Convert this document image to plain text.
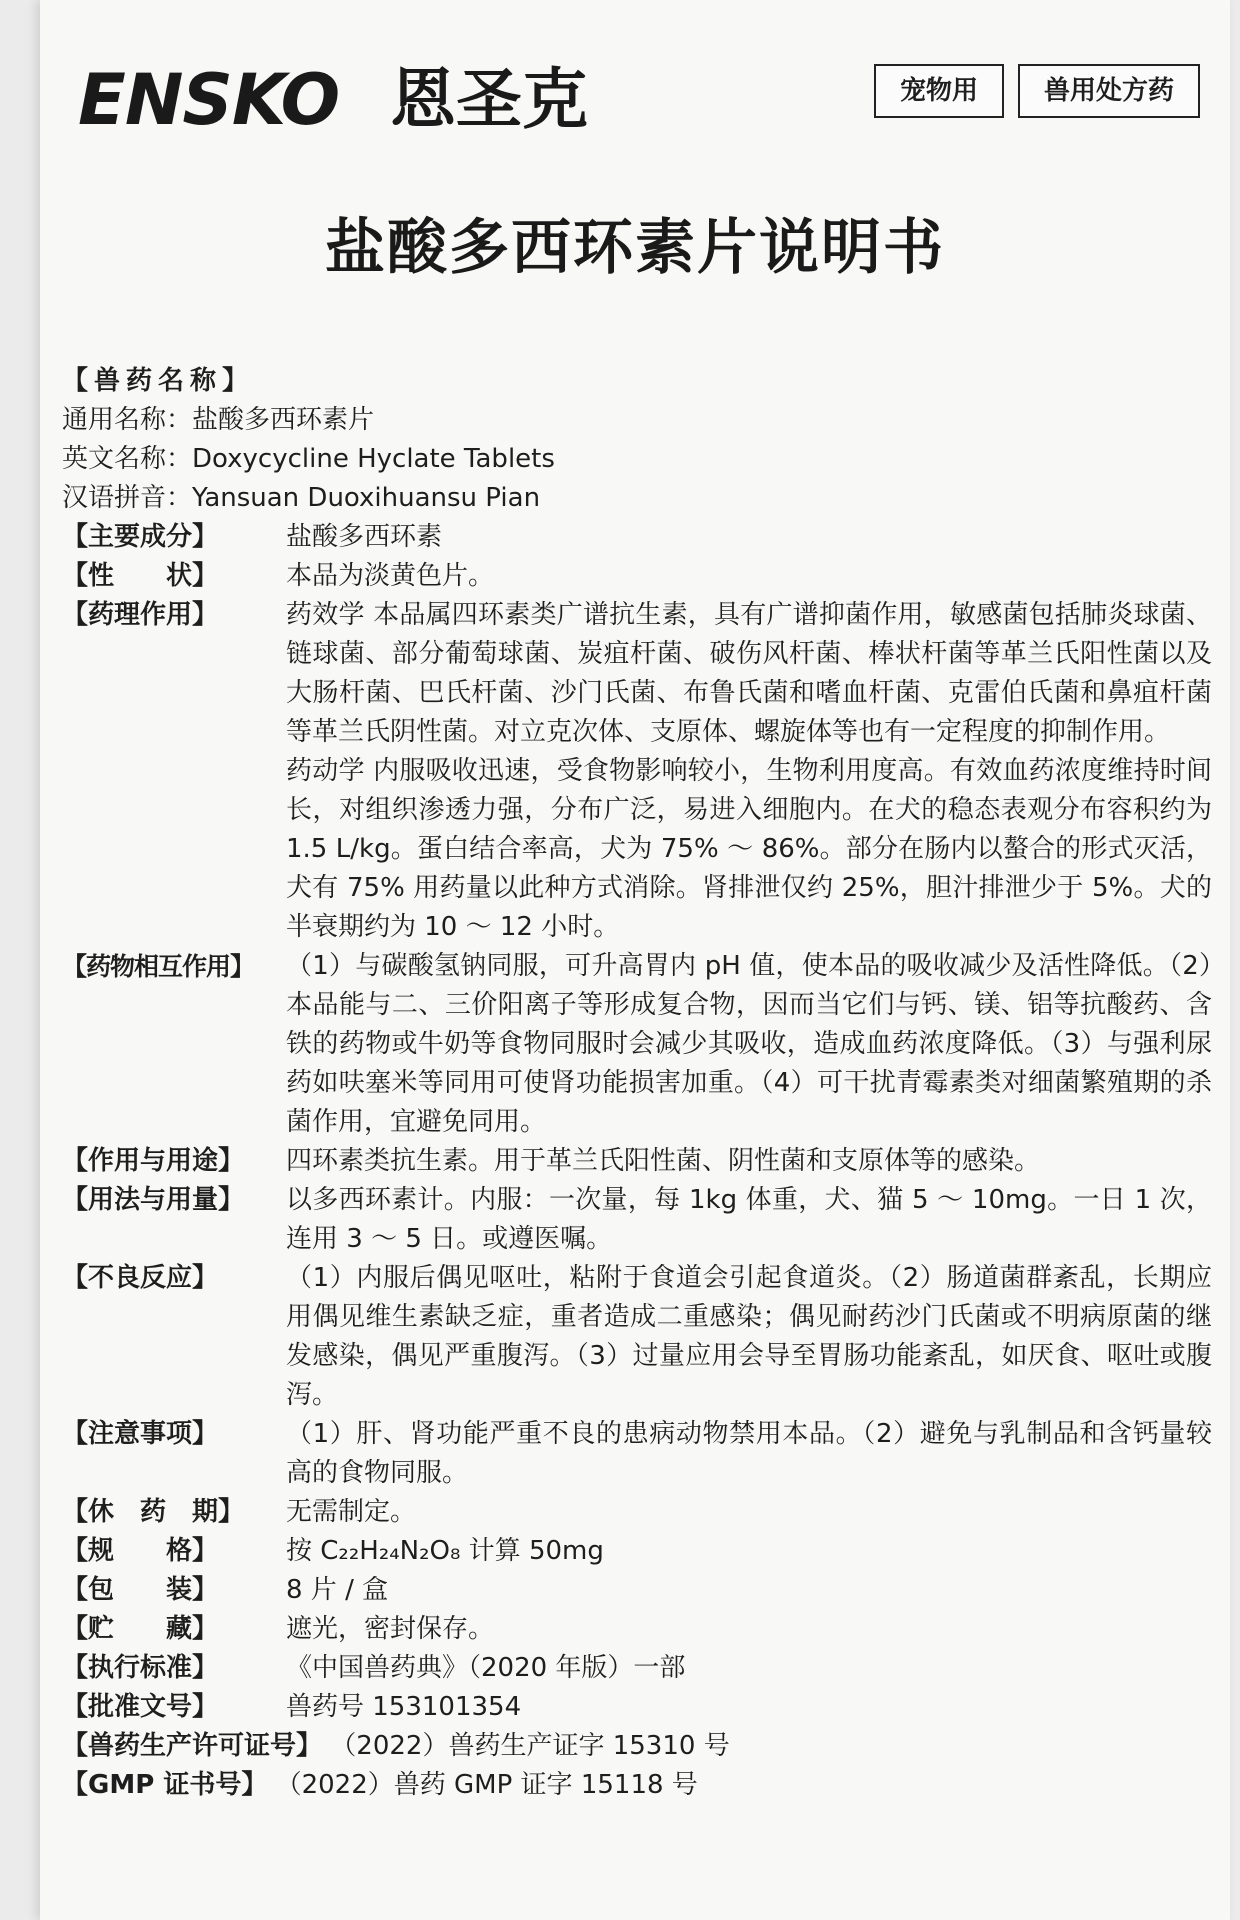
ENSKO 恩圣克	宠物用	兽用处方药
盐酸多西环素片说明书
【兽药名称】
通用名称：盐酸多西环素片
英文名称：Doxycycline Hyclate Tablets
汉语拼音：Yansuan Duoxihuansu Pian
【主要成分】	盐酸多西环素
【性　　状】	本品为淡黄色片。
【药理作用】	药效学 本品属四环素类广谱抗生素，具有广谱抑菌作用，敏感菌包括肺炎球菌、链球菌、部分葡萄球菌、炭疽杆菌、破伤风杆菌、棒状杆菌等革兰氏阳性菌以及大肠杆菌、巴氏杆菌、沙门氏菌、布鲁氏菌和嗜血杆菌、克雷伯氏菌和鼻疽杆菌等革兰氏阴性菌。对立克次体、支原体、螺旋体等也有一定程度的抑制作用。

药动学 内服吸收迅速，受食物影响较小，生物利用度高。有效血药浓度维持时间长，对组织渗透力强，分布广泛，易进入细胞内。在犬的稳态表观分布容积约为 1.5 L/kg。蛋白结合率高，犬为 75% ～ 86%。部分在肠内以螯合的形式灭活，犬有 75% 用药量以此种方式消除。肾排泄仅约 25%，胆汁排泄少于 5%。犬的半衰期约为 10 ～ 12 小时。

【药物相互作用】	（1）与碳酸氢钠同服，可升高胃内 pH 值，使本品的吸收减少及活性降低。（2）本品能与二、三价阳离子等形成复合物，因而当它们与钙、镁、铝等抗酸药、含铁的药物或牛奶等食物同服时会减少其吸收，造成血药浓度降低。（3）与强利尿药如呋塞米等同用可使肾功能损害加重。（4）可干扰青霉素类对细菌繁殖期的杀菌作用，宜避免同用。
【作用与用途】	四环素类抗生素。用于革兰氏阳性菌、阴性菌和支原体等的感染。
【用法与用量】	以多西环素计。内服：一次量，每 1kg 体重，犬、猫 5 ～ 10mg。一日 1 次，连用 3 ～ 5 日。或遵医嘱。
【不良反应】	（1）内服后偶见呕吐，粘附于食道会引起食道炎。（2）肠道菌群紊乱，长期应用偶见维生素缺乏症，重者造成二重感染；偶见耐药沙门氏菌或不明病原菌的继发感染，偶见严重腹泻。（3）过量应用会导至胃肠功能紊乱，如厌食、呕吐或腹泻。
【注意事项】	（1）肝、肾功能严重不良的患病动物禁用本品。（2）避免与乳制品和含钙量较高的食物同服。
【休　药　期】	无需制定。
【规　　格】	按 C₂₂H₂₄N₂O₈ 计算 50mg
【包　　装】	8 片 / 盒
【贮　　藏】	遮光，密封保存。
【执行标准】	《中国兽药典》（2020 年版）一部
【批准文号】	兽药号 153101354
【兽药生产许可证号】 （2022）兽药生产证字 15310 号
【GMP 证书号】 （2022）兽药 GMP 证字 15118 号
